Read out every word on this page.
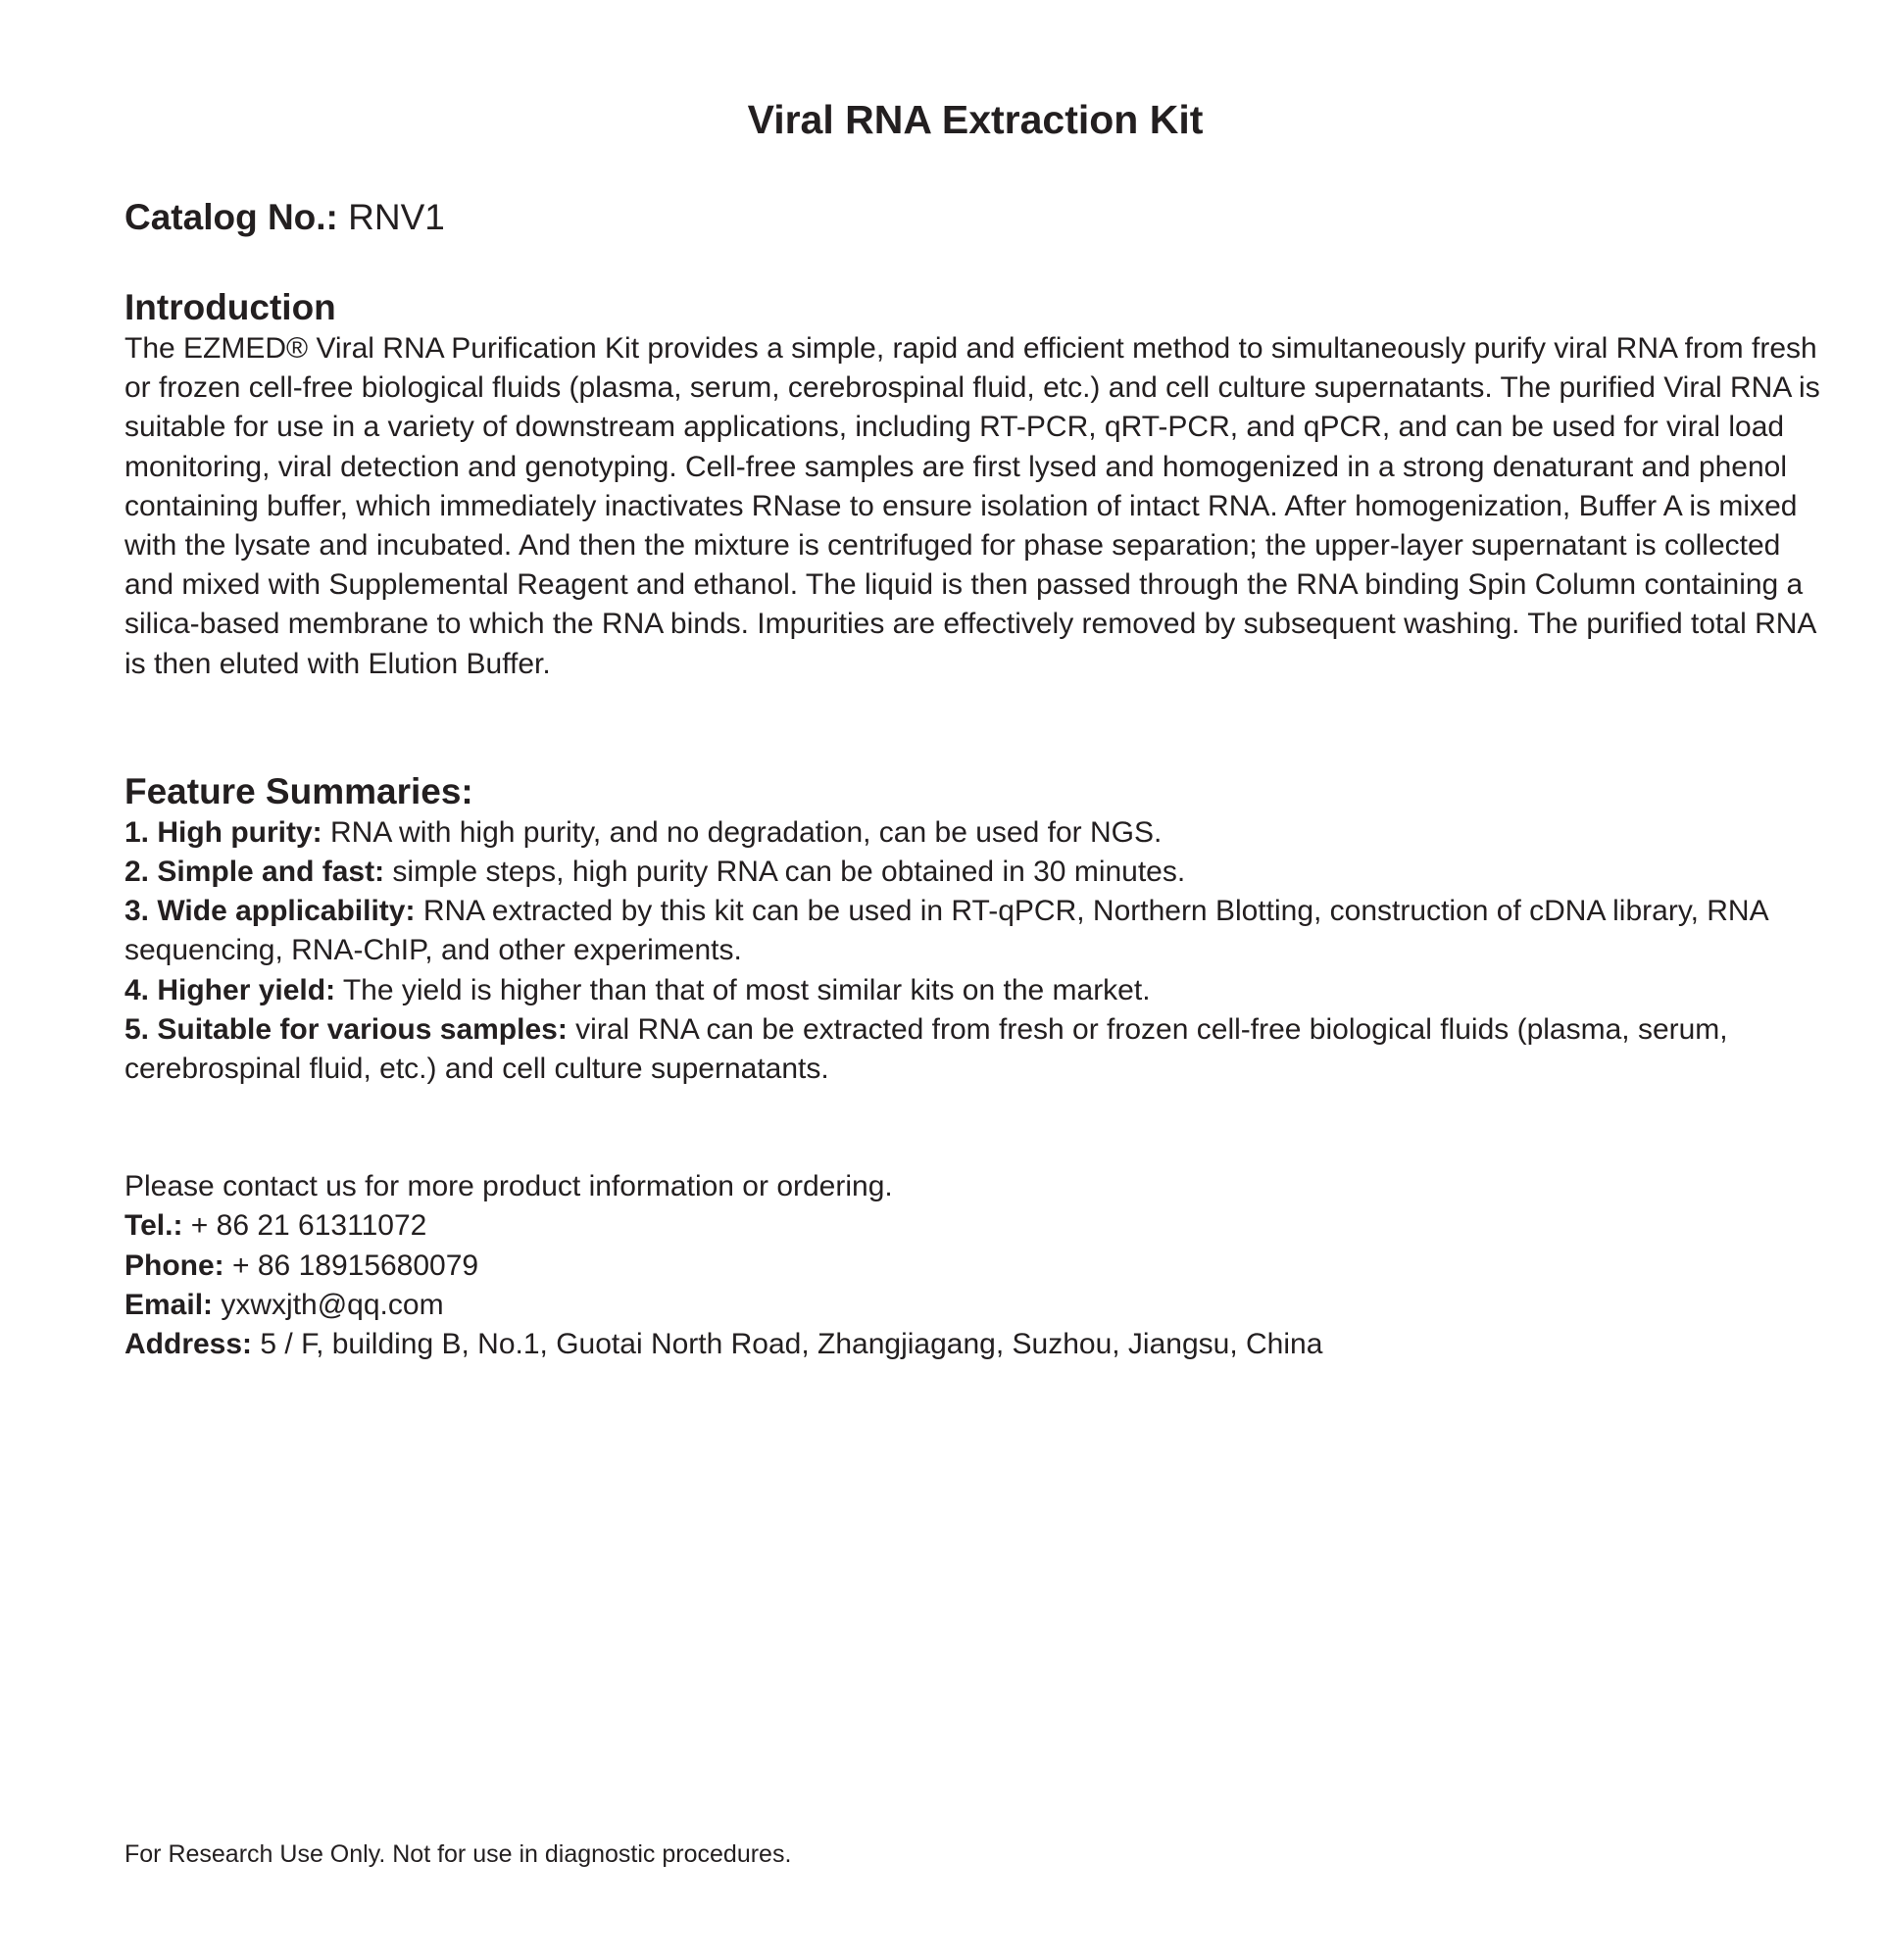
Viral RNA Extraction Kit

Catalog No.: RNV1

Introduction

The EZMED® Viral RNA Purification Kit provides a simple, rapid and efficient method to simultaneously purify viral RNA from fresh or frozen cell-free biological fluids (plasma, serum, cerebrospinal fluid, etc.) and cell culture supernatants. The purified Viral RNA is suitable for use in a variety of downstream applications, including RT-PCR, qRT-PCR, and qPCR, and can be used for viral load monitoring, viral detection and genotyping. Cell-free samples are first lysed and homogenized in a strong denaturant and phenol containing buffer, which immediately inactivates RNase to ensure isolation of intact RNA. After homogenization, Buffer A is mixed with the lysate and incubated. And then the mixture is centrifuged for phase separation; the upper-layer supernatant is collected and mixed with Supplemental Reagent and ethanol. The liquid is then passed through the RNA binding Spin Column containing a silica-based membrane to which the RNA binds. Impurities are effectively removed by subsequent washing. The purified total RNA is then eluted with Elution Buffer.

Feature Summaries:
1. High purity: RNA with high purity, and no degradation, can be used for NGS.
2. Simple and fast: simple steps, high purity RNA can be obtained in 30 minutes.
3. Wide applicability: RNA extracted by this kit can be used in RT-qPCR, Northern Blotting, construction of cDNA library, RNA sequencing, RNA-ChIP, and other experiments.
4. Higher yield: The yield is higher than that of most similar kits on the market.
5. Suitable for various samples: viral RNA can be extracted from fresh or frozen cell-free biological fluids (plasma, serum, cerebrospinal fluid, etc.) and cell culture supernatants.

Please contact us for more product information or ordering.

Tel.: + 86 21 61311072

Phone: + 86 18915680079

Email: yxwxjth@qq.com

Address: 5 / F, building B, No.1, Guotai North Road, Zhangjiagang, Suzhou, Jiangsu, China

For Research Use Only. Not for use in diagnostic procedures.
